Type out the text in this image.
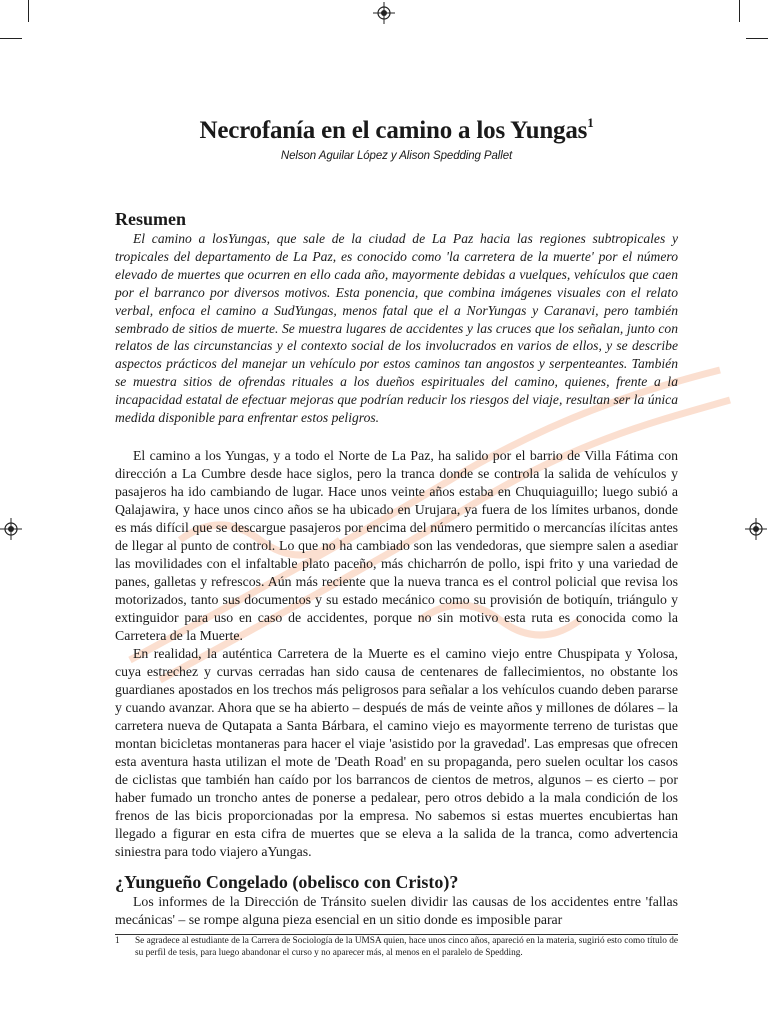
Necrofanía en el camino a los Yungas$^1$
Nelson Aguilar López y Alison Spedding Pallet
Resumen

El camino a losYungas, que sale de la ciudad de La Paz hacia las regiones subtropicales y tropicales del departamento de La Paz, es conocido como 'la carretera de la muerte' por el número elevado de muertes que ocurren en ello cada año, mayormente debidas a vuelques, vehículos que caen por el barranco por diversos motivos. Esta ponencia, que combina imágenes visuales con el relato verbal, enfoca el camino a SudYungas, menos fatal que el a NorYungas y Caranavi, pero también sembrado de sitios de muerte. Se muestra lugares de accidentes y las cruces que los señalan, junto con relatos de las circunstancias y el contexto social de los involucrados en varios de ellos, y se describe aspectos prácticos del manejar un vehículo por estos caminos tan angostos y serpenteantes. También se muestra sitios de ofrendas rituales a los dueños espirituales del camino, quienes, frente a la incapacidad estatal de efectuar mejoras que podrían reducir los riesgos del viaje, resultan ser la única medida disponible para enfrentar estos peligros.

El camino a los Yungas, y a todo el Norte de La Paz, ha salido por el barrio de Villa Fátima con dirección a La Cumbre desde hace siglos, pero la tranca donde se controla la salida de vehículos y pasajeros ha ido cambiando de lugar. Hace unos veinte años estaba en Chuquiaguillo; luego subió a Qalajawira, y hace unos cinco años se ha ubicado en Urujara, ya fuera de los límites urbanos, donde es más difícil que se descargue pasajeros por encima del número permitido o mercancías ilícitas antes de llegar al punto de control. Lo que no ha cambiado son las vendedoras, que siempre salen a asediar las movilidades con el infaltable plato paceño, más chicharrón de pollo, ispi frito y una variedad de panes, galletas y refrescos. Aún más reciente que la nueva tranca es el control policial que revisa los motorizados, tanto sus documentos y su estado mecánico como su provisión de botiquín, triángulo y extinguidor para uso en caso de accidentes, porque no sin motivo esta ruta es conocida como la Carretera de la Muerte.

En realidad, la auténtica Carretera de la Muerte es el camino viejo entre Chuspipata y Yolosa, cuya estrechez y curvas cerradas han sido causa de centenares de fallecimientos, no obstante los guardianes apostados en los trechos más peligrosos para señalar a los vehículos cuando deben pararse y cuando avanzar. Ahora que se ha abierto – después de más de veinte años y millones de dólares – la carretera nueva de Qutapata a Santa Bárbara, el camino viejo es mayormente terreno de turistas que montan bicicletas montaneras para hacer el viaje 'asistido por la gravedad'. Las empresas que ofrecen esta aventura hasta utilizan el mote de 'Death Road' en su propaganda, pero suelen ocultar los casos de ciclistas que también han caído por los barrancos de cientos de metros, algunos – es cierto – por haber fumado un troncho antes de ponerse a pedalear, pero otros debido a la mala condición de los frenos de las bicis proporcionadas por la empresa. No sabemos si estas muertes encubiertas han llegado a figurar en esta cifra de muertes que se eleva a la salida de la tranca, como advertencia siniestra para todo viajero aYungas.

¿Yungueño Congelado (obelisco con Cristo)?

Los informes de la Dirección de Tránsito suelen dividir las causas de los accidentes entre 'fallas mecánicas' – se rompe alguna pieza esencial en un sitio donde es imposible parar

1	Se agradece al estudiante de la Carrera de Sociología de la UMSA quien, hace unos cinco años, apareció en la materia, sugirió esto como título de su perfil de tesis, para luego abandonar el curso y no aparecer más, al menos en el paralelo de Spedding.
